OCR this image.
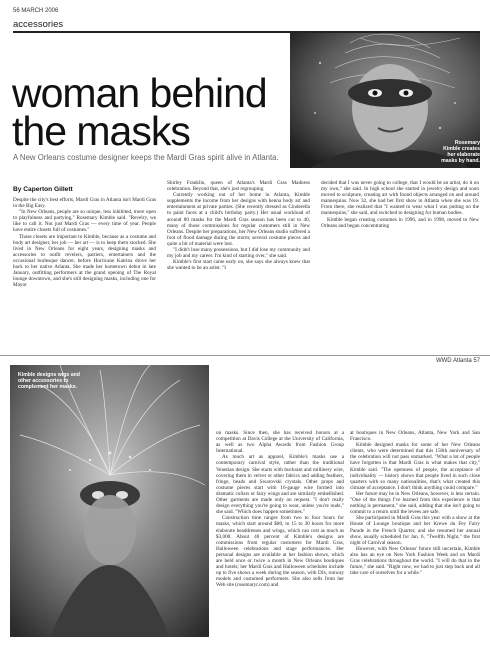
56 MARCH 2006
accessories
Rosemary Kimble creates her elaborate masks by hand.
woman behind
the masks
A New Orleans costume designer keeps the Mardi Gras spirit alive in Atlanta.
By Caperton Gillett

Despite the city's best efforts, Mardi Gras in Atlanta isn't Mardi Gras in the Big Easy.

"In New Orleans, people are so unique, less inhibited, more open to playfulness and partying," Rosemary Kimble said. "Revelry, we like to call it. Not just Mardi Gras — every time of year. People have entire closets full of costumes."

Those closets are important to Kimble, because as a costume and body art designer, her job — her art — is to keep them stocked. She lived in New Orleans for eight years, designing masks and accessories to outfit revelers, partiers, entertainers and the occasional burlesque dancer, before Hurricane Katrina drove her back to her native Atlanta. She made her hometown debut in late January, outfitting performers at the grand opening of The Royal lounge downtown, and she's still designing masks, including one for Mayor

Shirley Franklin, queen of Atlanta's Mardi Gras Madness celebration. Beyond that, she's just regrouping.

Currently working out of her home in Atlanta, Kimble supplements the income from her designs with henna body art and entertainment at private parties. (She recently dressed as Cinderella to paint faces at a child's birthday party.) Her usual workload of around 80 masks for the Mardi Gras season has been cut to 40, many of those commissions for regular customers still in New Orleans. Despite her preparations, her New Orleans studio suffered a foot of flood damage during the storm; several costume pieces and quite a bit of material were lost.

"I didn't lose many possessions, but I did lose my community and my job and my career. I'm kind of starting over," she said.

Kimble's first start came early on, she says she always knew that she wanted to be an artist. "I

decided that I was never going to college, that I would be an artist, do it on my own," she said. In high school she started in jewelry design and soon moved to sculpture, creating art with found objects arranged on and around mannequins. Now 32, she had her first show in Atlanta when she was 19. From there, she realized that "I wanted to wear what I was putting on the mannequins," she said, and switched to designing for human bodies.

Kimble began creating costumes in 1996, and in 1998, moved to New Orleans and began concentrating

WWD Atlanta 57
Kimble designs wigs and other accessories to complement her masks.

on masks. Since then, she has received honors at a competition at Davis College at the University of California, as well as two Alpha Awards from Fashion Group International.

As much art as apparel, Kimble's masks use a contemporary carnival style, rather than the traditional Venetian design. She starts with buckram and millinery wire, covering them in velvet or other fabrics and adding feathers, fringe, beads and Swarovski crystals. Other props and costume pieces start with 16-gauge wire formed into dramatic collars or fairy wings and are similarly embellished. Other garments are made only on request. "I don't really design everything you're going to wear, unless you're nude," she said. "Which does happen sometimes."

Construction time ranges from two to four hours for masks, which start around $80, to 15 to 30 hours for more elaborate headdresses and wings, which can cost as much as $3,000. About 40 percent of Kimble's designs are commissions from regular customers for Mardi Gras, Halloween celebrations and stage performances. Her personal designs are available at her fashion shows, which are held once or twice a month in New Orleans boutiques and hotels; her Mardi Gras and Halloween schedules include up to five shows a week during the season, with DJs, runway models and costumed performers. She also sells from her Web site (rosemaryr.com) and

at boutiques in New Orleans, Atlanta, New York and San Francisco.

Kimble designed masks for some of her New Orleans clients, who were determined that this 150th anniversary of the celebration will not pass unmarked. "What a lot of people have forgotten is that Mardi Gras is what makes that city," Kimble said. "The openness of people, the acceptance of individuality — history shows that people lived in such close quarters with so many nationalities, that's what created this climate of acceptance. I don't think anything could compare."

Her future may be in New Orleans, however, is less certain. "One of the things I've learned from this experience is that nothing is permanent," she said, adding that she isn't going to commit to a return until the levees are safe.

She participated in Mardi Gras this year with a show at the House of Lounge boutique and her Krewe du Fey Fairy Parade in the French Quarter, and she resumed her annual show, usually scheduled for Jan. 6, "Twelfth Night," the first night of Carnival season.

However, with New Orleans' future still uncertain, Kimble also has an eye on New York Fashion Week and on Mardi Gras celebrations throughout the world. "I will do that in the future," she said. "Right now, we had to just step back and all take care of ourselves for a while."
